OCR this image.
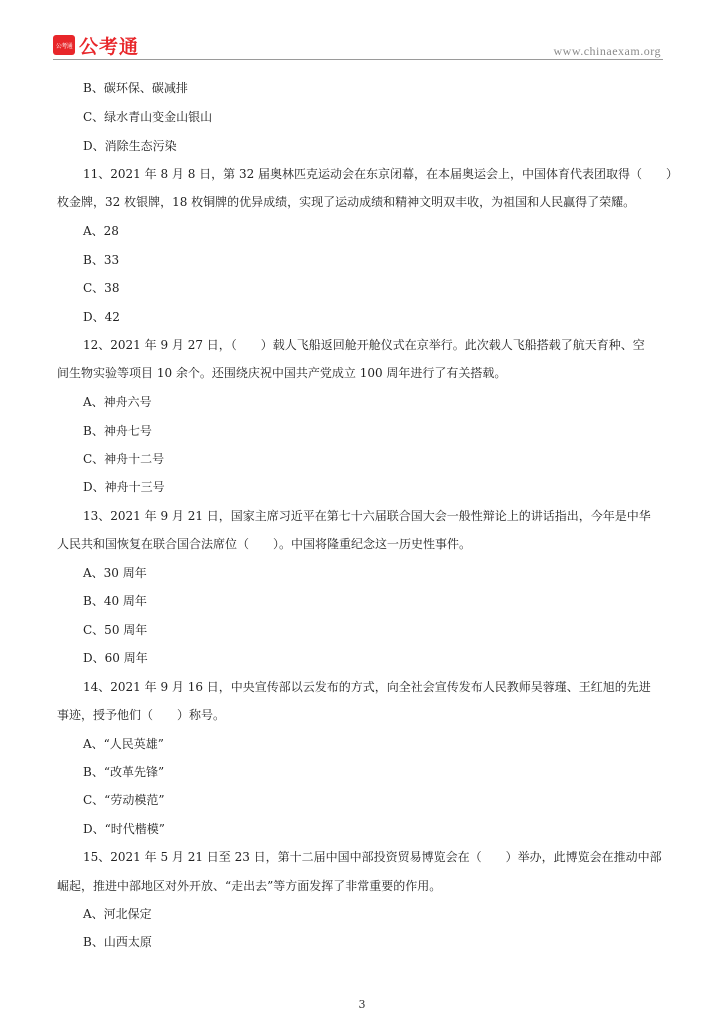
公考通 公考通	www.chinaexam.org
B、碳环保、碳减排
C、绿水青山变金山银山
D、消除生态污染
11、2021 年 8 月 8 日，第 32 届奥林匹克运动会在东京闭幕，在本届奥运会上，中国体育代表团取得（　　）
枚金牌，32 枚银牌，18 枚铜牌的优异成绩，实现了运动成绩和精神文明双丰收，为祖国和人民赢得了荣耀。
A、28
B、33
C、38
D、42
12、2021 年 9 月 27 日，（　　）载人飞船返回舱开舱仪式在京举行。此次载人飞船搭载了航天育种、空
间生物实验等项目 10 余个。还围绕庆祝中国共产党成立 100 周年进行了有关搭载。
A、神舟六号
B、神舟七号
C、神舟十二号
D、神舟十三号
13、2021 年 9 月 21 日，国家主席习近平在第七十六届联合国大会一般性辩论上的讲话指出，今年是中华
人民共和国恢复在联合国合法席位（　　）。中国将隆重纪念这一历史性事件。
A、30 周年
B、40 周年
C、50 周年
D、60 周年
14、2021 年 9 月 16 日，中央宣传部以云发布的方式，向全社会宣传发布人民教师吴蓉瑾、王红旭的先进
事迹，授予他们（　　）称号。
A、“人民英雄”
B、“改革先锋”
C、“劳动模范”
D、“时代楷模”
15、2021 年 5 月 21 日至 23 日，第十二届中国中部投资贸易博览会在（　　）举办，此博览会在推动中部
崛起，推进中部地区对外开放、“走出去”等方面发挥了非常重要的作用。
A、河北保定
B、山西太原
3
